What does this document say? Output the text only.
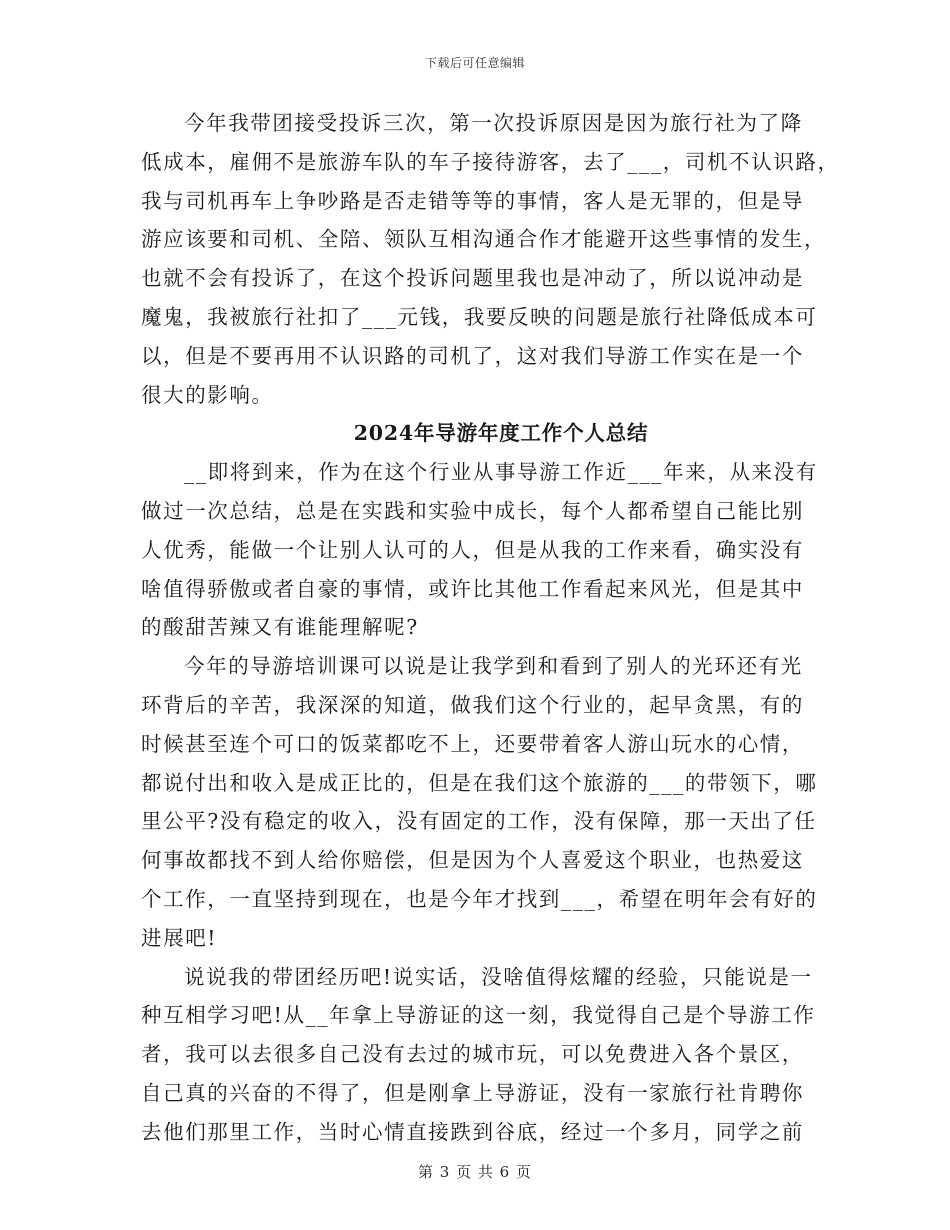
下载后可任意编辑
今年我带团接受投诉三次，第一次投诉原因是因为旅行社为了降
低成本，雇佣不是旅游车队的车子接待游客，去了___，司机不认识路，
我与司机再车上争吵路是否走错等等的事情，客人是无罪的，但是导
游应该要和司机、全陪、领队互相沟通合作才能避开这些事情的发生，
也就不会有投诉了，在这个投诉问题里我也是冲动了，所以说冲动是
魔鬼，我被旅行社扣了___元钱，我要反映的问题是旅行社降低成本可
以，但是不要再用不认识路的司机了，这对我们导游工作实在是一个
很大的影响。
2024年导游年度工作个人总结
__即将到来，作为在这个行业从事导游工作近___年来，从来没有
做过一次总结，总是在实践和实验中成长，每个人都希望自己能比别
人优秀，能做一个让别人认可的人，但是从我的工作来看，确实没有
啥值得骄傲或者自豪的事情，或许比其他工作看起来风光，但是其中
的酸甜苦辣又有谁能理解呢?
今年的导游培训课可以说是让我学到和看到了别人的光环还有光
环背后的辛苦，我深深的知道，做我们这个行业的，起早贪黑，有的
时候甚至连个可口的饭菜都吃不上，还要带着客人游山玩水的心情，
都说付出和收入是成正比的，但是在我们这个旅游的___的带领下，哪
里公平?没有稳定的收入，没有固定的工作，没有保障，那一天出了任
何事故都找不到人给你赔偿，但是因为个人喜爱这个职业，也热爱这
个工作，一直坚持到现在，也是今年才找到___，希望在明年会有好的
进展吧!
说说我的带团经历吧!说实话，没啥值得炫耀的经验，只能说是一
种互相学习吧!从__年拿上导游证的这一刻，我觉得自己是个导游工作
者，我可以去很多自己没有去过的城市玩，可以免费进入各个景区，
自己真的兴奋的不得了，但是刚拿上导游证，没有一家旅行社肯聘你
去他们那里工作，当时心情直接跌到谷底，经过一个多月，同学之前
第 3 页 共 6 页
